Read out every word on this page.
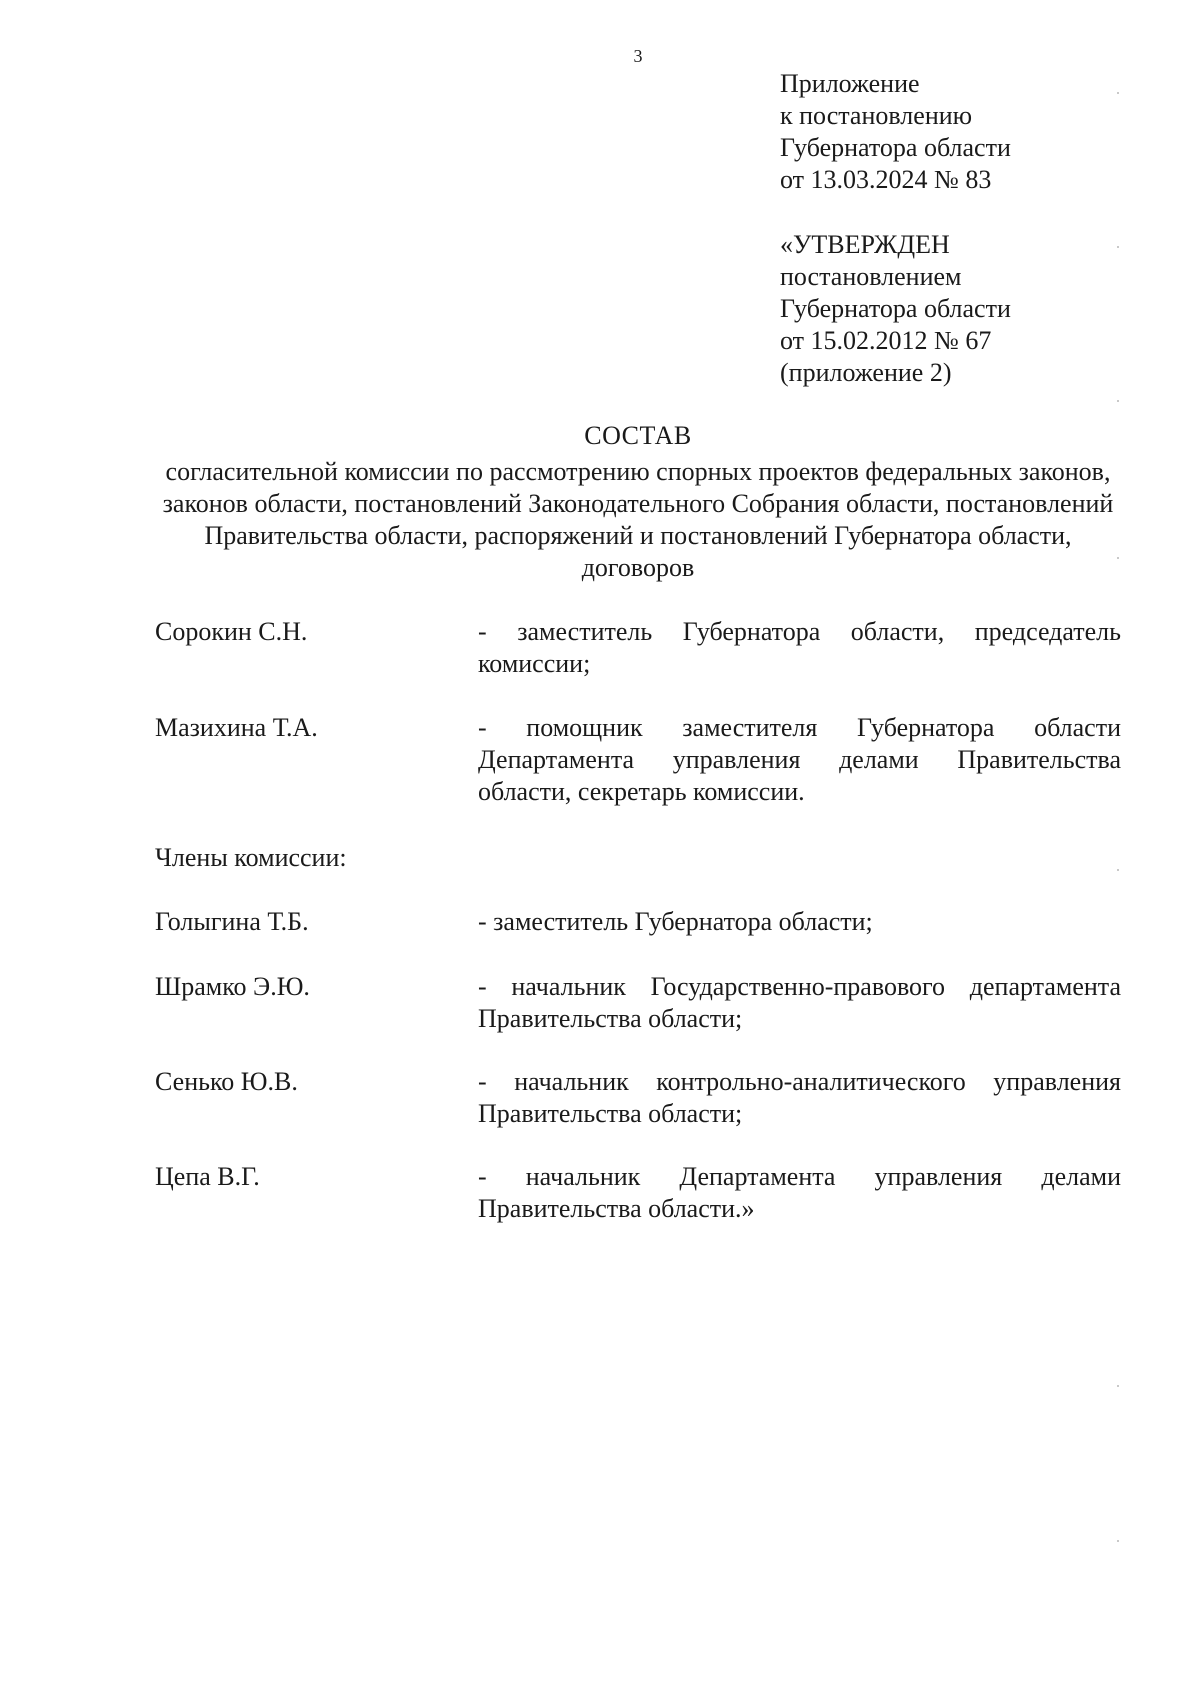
3
Приложение
к постановлению
Губернатора области
от 13.03.2024 № 83
«УТВЕРЖДЕН
постановлением
Губернатора области
от 15.02.2012 № 67
(приложение 2)
СОСТАВ
согласительной комиссии по рассмотрению спорных проектов федеральных законов, законов области, постановлений Законодательного Собрания области, постановлений Правительства области, распоряжений и постановлений Губернатора области, договоров
Сорокин С.Н.	- заместитель Губернатора области, председатель комиссии;
Мазихина Т.А.	- помощник заместителя Губернатора области Департамента управления делами Правительства области, секретарь комиссии.
Члены комиссии:
Голыгина Т.Б.	- заместитель Губернатора области;
Шрамко Э.Ю.	- начальник Государственно-правового департамента Правительства области;
Сенько Ю.В.	- начальник контрольно-аналитического управления Правительства области;
Цепа В.Г.	- начальник Департамента управления делами Правительства области.»
